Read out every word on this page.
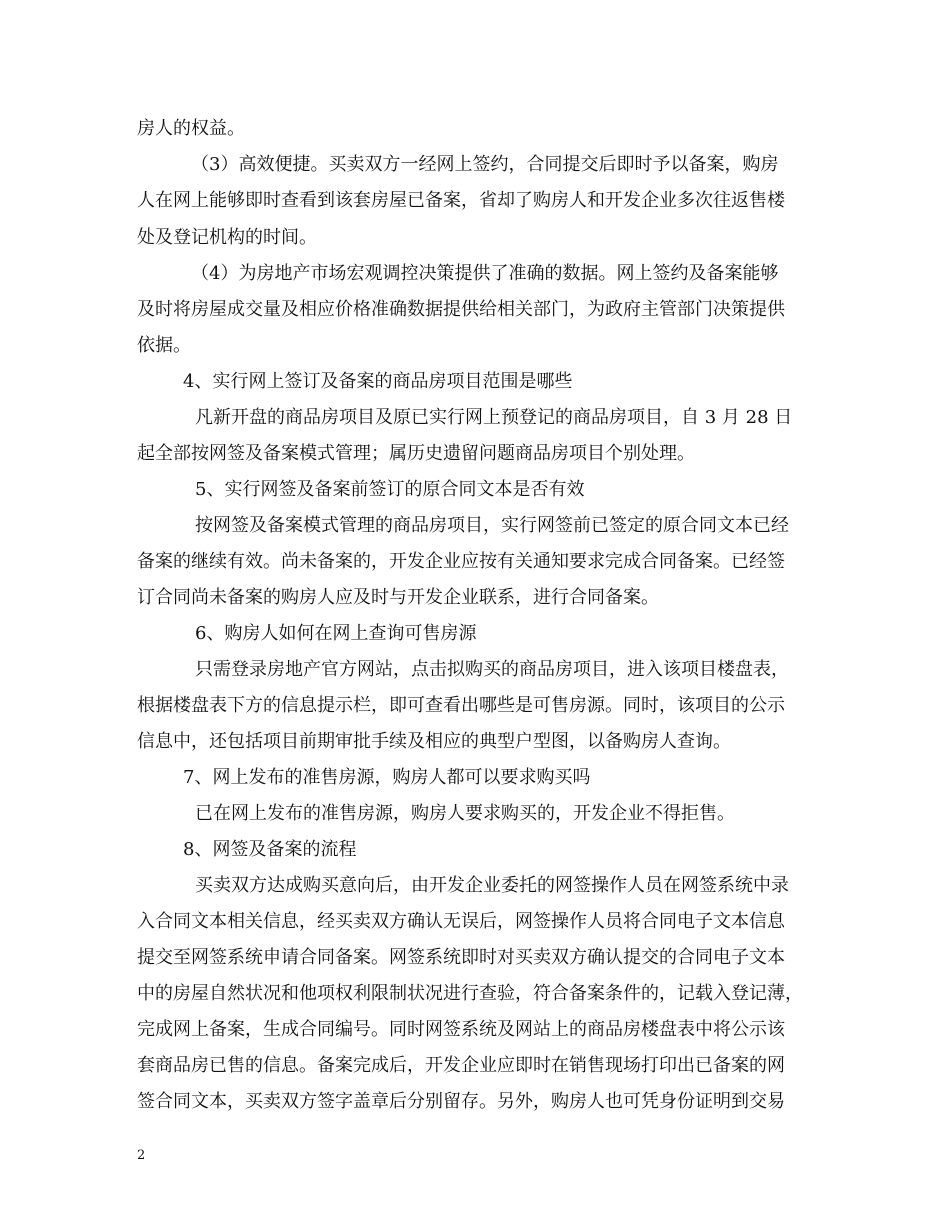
房人的权益。
（3）高效便捷。买卖双方一经网上签约，合同提交后即时予以备案，购房
人在网上能够即时查看到该套房屋已备案，省却了购房人和开发企业多次往返售楼
处及登记机构的时间。
（4）为房地产市场宏观调控决策提供了准确的数据。网上签约及备案能够
及时将房屋成交量及相应价格准确数据提供给相关部门，为政府主管部门决策提供
依据。
4、实行网上签订及备案的商品房项目范围是哪些
凡新开盘的商品房项目及原已实行网上预登记的商品房项目，自 3 月 28 日
起全部按网签及备案模式管理；属历史遗留问题商品房项目个别处理。
5、实行网签及备案前签订的原合同文本是否有效
按网签及备案模式管理的商品房项目，实行网签前已签定的原合同文本已经
备案的继续有效。尚未备案的，开发企业应按有关通知要求完成合同备案。已经签
订合同尚未备案的购房人应及时与开发企业联系，进行合同备案。
6、购房人如何在网上查询可售房源
只需登录房地产官方网站，点击拟购买的商品房项目，进入该项目楼盘表，
根据楼盘表下方的信息提示栏，即可查看出哪些是可售房源。同时，该项目的公示
信息中，还包括项目前期审批手续及相应的典型户型图，以备购房人查询。
7、网上发布的准售房源，购房人都可以要求购买吗
已在网上发布的准售房源，购房人要求购买的，开发企业不得拒售。
8、网签及备案的流程
买卖双方达成购买意向后，由开发企业委托的网签操作人员在网签系统中录
入合同文本相关信息，经买卖双方确认无误后，网签操作人员将合同电子文本信息
提交至网签系统申请合同备案。网签系统即时对买卖双方确认提交的合同电子文本
中的房屋自然状况和他项权利限制状况进行查验，符合备案条件的，记载入登记薄，
完成网上备案，生成合同编号。同时网签系统及网站上的商品房楼盘表中将公示该
套商品房已售的信息。备案完成后，开发企业应即时在销售现场打印出已备案的网
签合同文本，买卖双方签字盖章后分别留存。另外，购房人也可凭身份证明到交易
2
